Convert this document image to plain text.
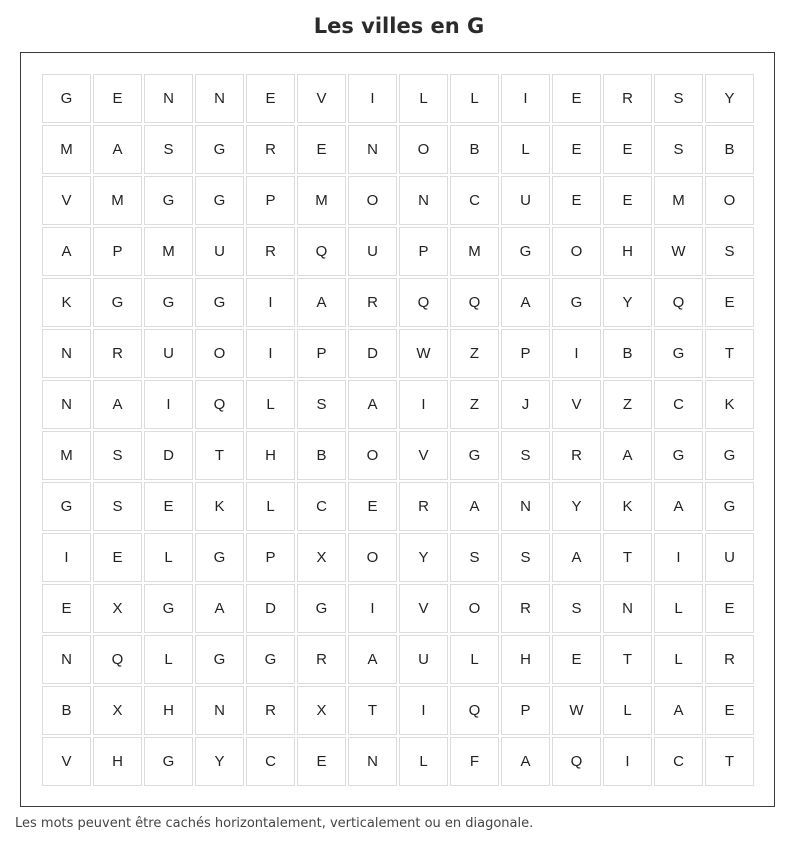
Les villes en G
G	E	N	N	E	V	I	L	L	I	E	R	S	Y
M	A	S	G	R	E	N	O	B	L	E	E	S	B
V	M	G	G	P	M	O	N	C	U	E	E	M	O
A	P	M	U	R	Q	U	P	M	G	O	H	W	S
K	G	G	G	I	A	R	Q	Q	A	G	Y	Q	E
N	R	U	O	I	P	D	W	Z	P	I	B	G	T
N	A	I	Q	L	S	A	I	Z	J	V	Z	C	K
M	S	D	T	H	B	O	V	G	S	R	A	G	G
G	S	E	K	L	C	E	R	A	N	Y	K	A	G
I	E	L	G	P	X	O	Y	S	S	A	T	I	U
E	X	G	A	D	G	I	V	O	R	S	N	L	E
N	Q	L	G	G	R	A	U	L	H	E	T	L	R
B	X	H	N	R	X	T	I	Q	P	W	L	A	E
V	H	G	Y	C	E	N	L	F	A	Q	I	C	T
Les mots peuvent être cachés horizontalement, verticalement ou en diagonale.
